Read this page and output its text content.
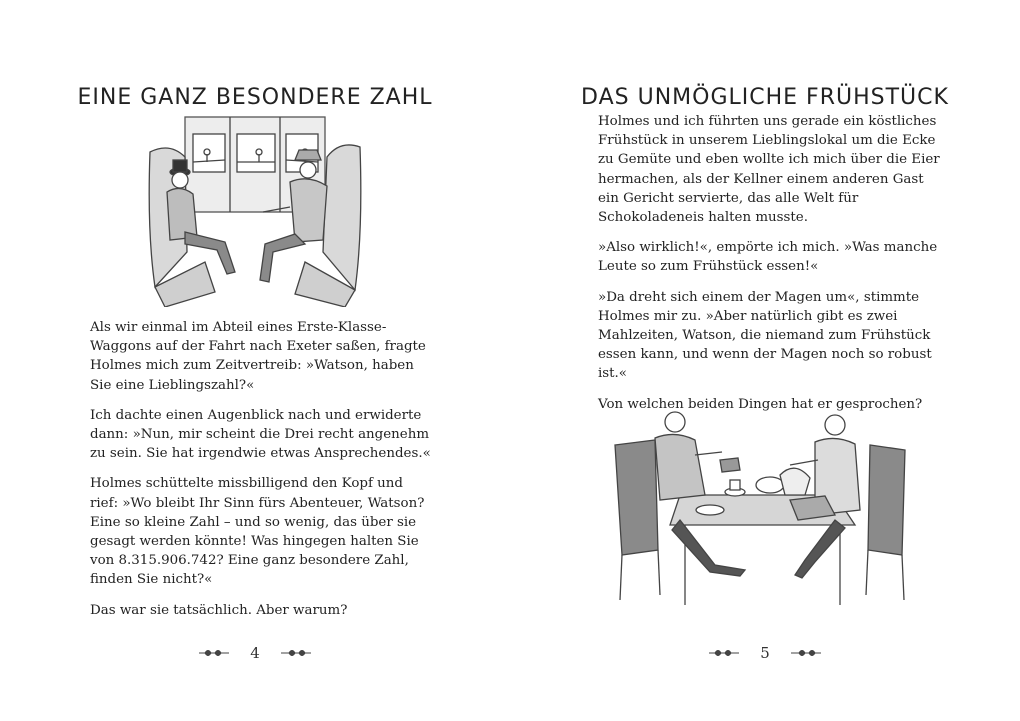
EINE GANZ BESONDERE ZAHL

Als wir einmal im Abteil eines Erste-Klasse-Waggons auf der Fahrt nach Exeter saßen, fragte Holmes mich zum Zeitvertreib: »Watson, haben Sie eine Lieblingszahl?«

Ich dachte einen Augenblick nach und erwiderte dann: »Nun, mir scheint die Drei recht angenehm zu sein. Sie hat irgendwie etwas Ansprechendes.«

Holmes schüttelte missbilligend den Kopf und rief: »Wo bleibt Ihr Sinn fürs Abenteuer, Watson? Eine so kleine Zahl – und so wenig, das über sie gesagt werden könnte! Was hingegen halten Sie von 8.315.906.742? Eine ganz besondere Zahl, finden Sie nicht?«

Das war sie tatsächlich. Aber warum?

4
DAS UNMÖGLICHE FRÜHSTÜCK

Holmes und ich führten uns gerade ein köstliches Frühstück in unserem Lieblingslokal um die Ecke zu Gemüte und eben wollte ich mich über die Eier hermachen, als der Kellner einem anderen Gast ein Gericht servierte, das alle Welt für Schokoladeneis halten musste.

»Also wirklich!«, empörte ich mich. »Was manche Leute so zum Frühstück essen!«

»Da dreht sich einem der Magen um«, stimmte Holmes mir zu. »Aber natürlich gibt es zwei Mahlzeiten, Watson, die niemand zum Frühstück essen kann, und wenn der Magen noch so robust ist.«

Von welchen beiden Dingen hat er gesprochen?

5
